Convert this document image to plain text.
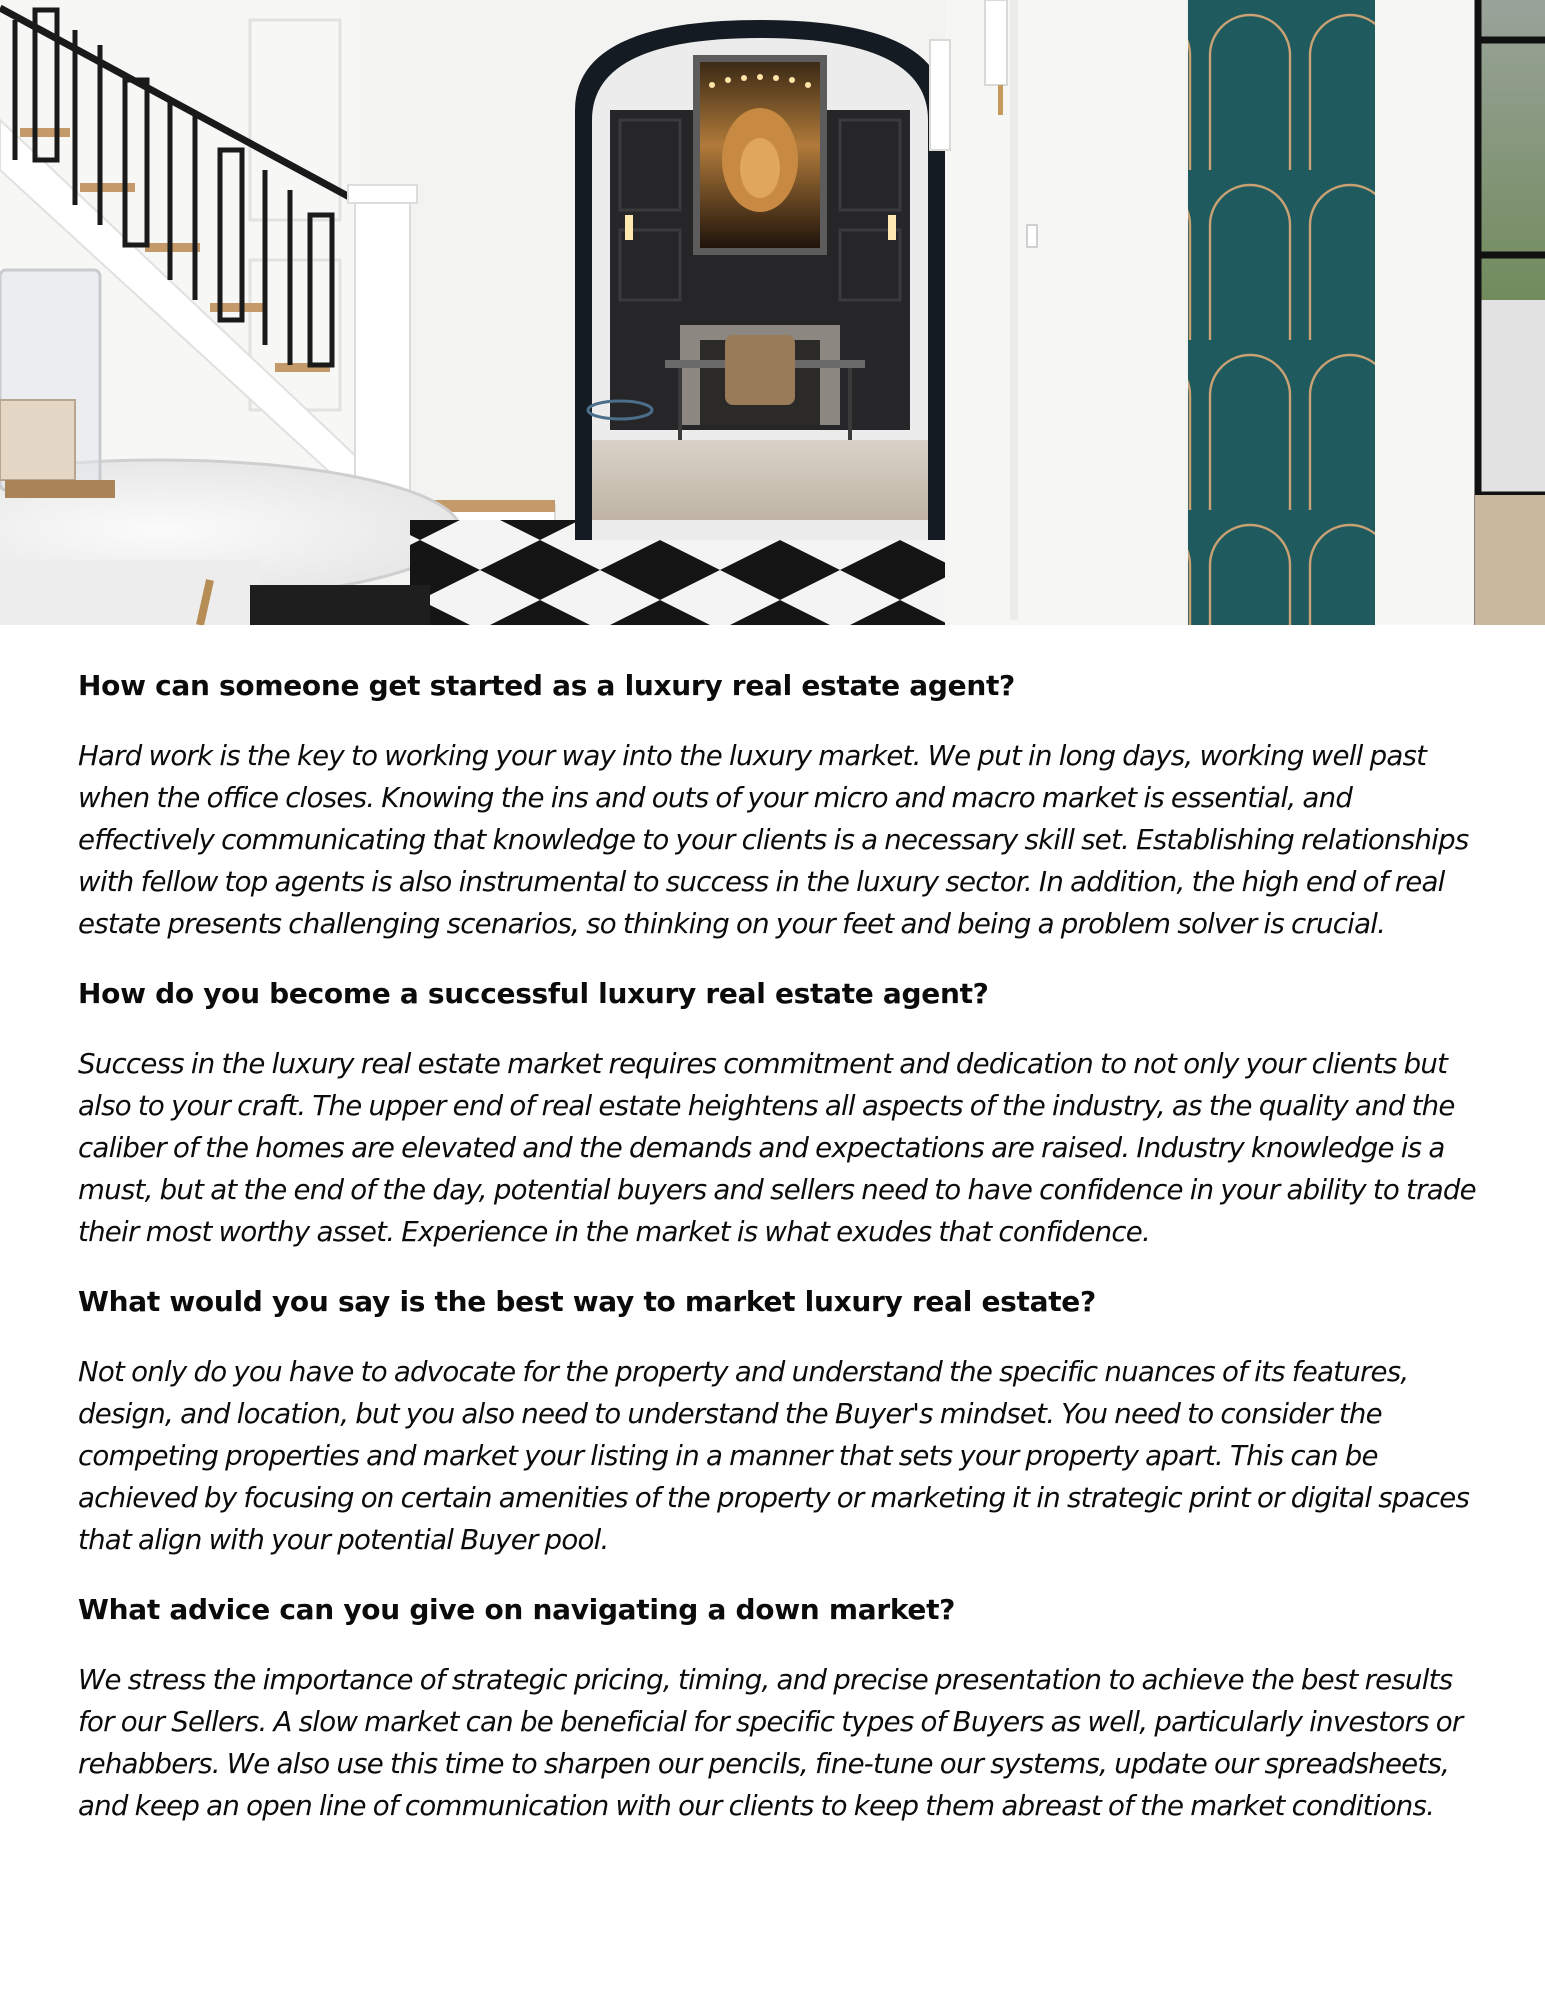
How can someone get started as a luxury real estate agent?

Hard work is the key to working your way into the luxury market. We put in long days, working well past when the office closes. Knowing the ins and outs of your micro and macro market is essential, and effectively communicating that knowledge to your clients is a necessary skill set. Establishing relationships with fellow top agents is also instrumental to success in the luxury sector. In addition, the high end of real estate presents challenging scenarios, so thinking on your feet and being a problem solver is crucial.

How do you become a successful luxury real estate agent?

Success in the luxury real estate market requires commitment and dedication to not only your clients but also to your craft. The upper end of real estate heightens all aspects of the industry, as the quality and the caliber of the homes are elevated and the demands and expectations are raised. Industry knowledge is a must, but at the end of the day, potential buyers and sellers need to have confidence in your ability to trade their most worthy asset. Experience in the market is what exudes that confidence.

What would you say is the best way to market luxury real estate?

Not only do you have to advocate for the property and understand the specific nuances of its features, design, and location, but you also need to understand the Buyer's mindset. You need to consider the competing properties and market your listing in a manner that sets your property apart. This can be achieved by focusing on certain amenities of the property or marketing it in strategic print or digital spaces that align with your potential Buyer pool.

What advice can you give on navigating a down market?

We stress the importance of strategic pricing, timing, and precise presentation to achieve the best results for our Sellers. A slow market can be beneficial for specific types of Buyers as well, particularly investors or rehabbers. We also use this time to sharpen our pencils, fine-tune our systems, update our spreadsheets, and keep an open line of communication with our clients to keep them abreast of the market conditions.
